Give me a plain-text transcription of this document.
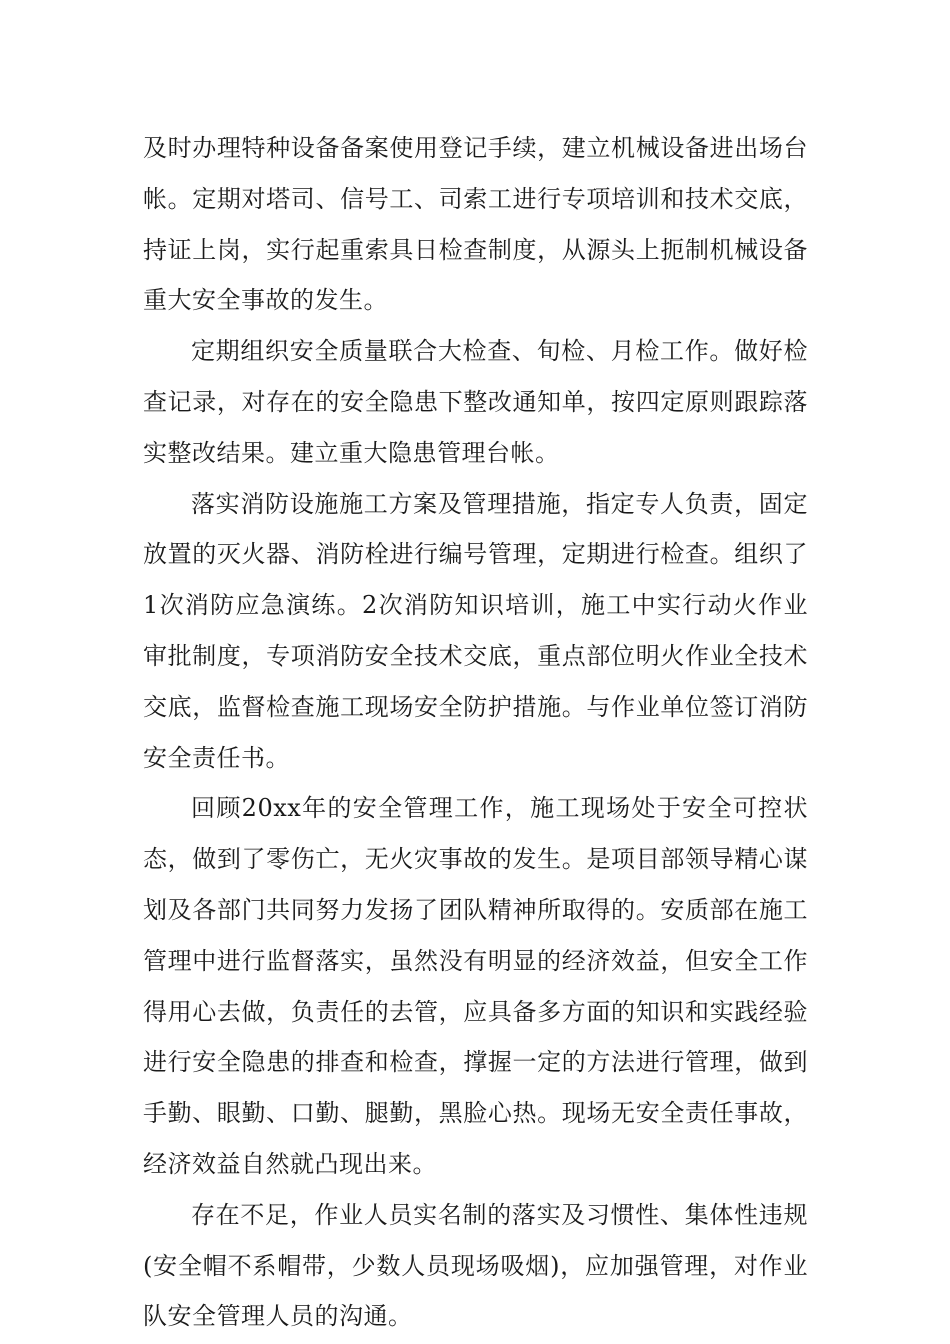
及时办理特种设备备案使用登记手续，建立机械设备进出场台帐。定期对塔司、信号工、司索工进行专项培训和技术交底，持证上岗，实行起重索具日检查制度，从源头上扼制机械设备重大安全事故的发生。

定期组织安全质量联合大检查、旬检、月检工作。做好检查记录，对存在的安全隐患下整改通知单，按四定原则跟踪落实整改结果。建立重大隐患管理台帐。

落实消防设施施工方案及管理措施，指定专人负责，固定放置的灭火器、消防栓进行编号管理，定期进行检查。组织了1次消防应急演练。2次消防知识培训，施工中实行动火作业审批制度，专项消防安全技术交底，重点部位明火作业全技术交底，监督检查施工现场安全防护措施。与作业单位签订消防安全责任书。

回顾20xx年的安全管理工作，施工现场处于安全可控状态，做到了零伤亡，无火灾事故的发生。是项目部领导精心谋划及各部门共同努力发扬了团队精神所取得的。安质部在施工管理中进行监督落实，虽然没有明显的经济效益，但安全工作得用心去做，负责任的去管，应具备多方面的知识和实践经验进行安全隐患的排查和检查，撑握一定的方法进行管理，做到手勤、眼勤、口勤、腿勤，黑脸心热。现场无安全责任事故，经济效益自然就凸现出来。

存在不足，作业人员实名制的落实及习惯性、集体性违规(安全帽不系帽带，少数人员现场吸烟)，应加强管理，对作业队安全管理人员的沟通。
